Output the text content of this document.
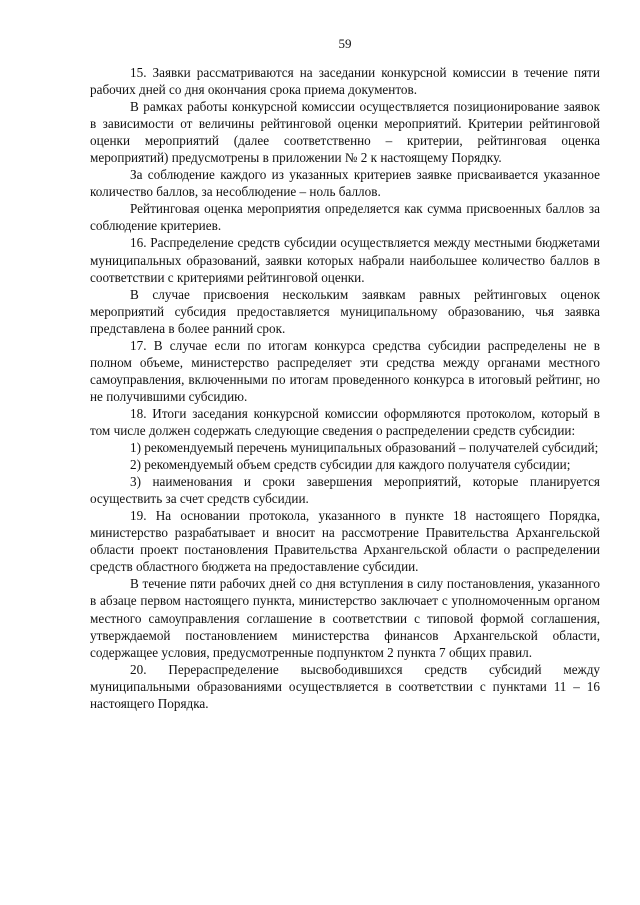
59

15. Заявки рассматриваются на заседании конкурсной комиссии в течение пяти рабочих дней со дня окончания срока приема документов.

В рамках работы конкурсной комиссии осуществляется позиционирование заявок в зависимости от величины рейтинговой оценки мероприятий. Критерии рейтинговой оценки мероприятий (далее соответственно – критерии, рейтинговая оценка мероприятий) предусмотрены в приложении № 2 к настоящему Порядку.

За соблюдение каждого из указанных критериев заявке присваивается указанное количество баллов, за несоблюдение – ноль баллов.

Рейтинговая оценка мероприятия определяется как сумма присвоенных баллов за соблюдение критериев.

16. Распределение средств субсидии осуществляется между местными бюджетами муниципальных образований, заявки которых набрали наибольшее количество баллов в соответствии с критериями рейтинговой оценки.

В случае присвоения нескольким заявкам равных рейтинговых оценок мероприятий субсидия предоставляется муниципальному образованию, чья заявка представлена в более ранний срок.

17. В случае если по итогам конкурса средства субсидии распределены не в полном объеме, министерство распределяет эти средства между органами местного самоуправления, включенными по итогам проведенного конкурса в итоговый рейтинг, но не получившими субсидию.

18. Итоги заседания конкурсной комиссии оформляются протоколом, который в том числе должен содержать следующие сведения о распределении средств субсидии:

1) рекомендуемый перечень муниципальных образований – получателей субсидий;

2) рекомендуемый объем средств субсидии для каждого получателя субсидии;

3) наименования и сроки завершения мероприятий, которые планируется осуществить за счет средств субсидии.

19. На основании протокола, указанного в пункте 18 настоящего Порядка, министерство разрабатывает и вносит на рассмотрение Правительства Архангельской области проект постановления Правительства Архангельской области о распределении средств областного бюджета на предоставление субсидии.

В течение пяти рабочих дней со дня вступления в силу постановления, указанного в абзаце первом настоящего пункта, министерство заключает с уполномоченным органом местного самоуправления соглашение в соответствии с типовой формой соглашения, утверждаемой постановлением министерства финансов Архангельской области, содержащее условия, предусмотренные подпунктом 2 пункта 7 общих правил.

20. Перераспределение высвободившихся средств субсидий между муниципальными образованиями осуществляется в соответствии с пунктами 11 – 16 настоящего Порядка.
